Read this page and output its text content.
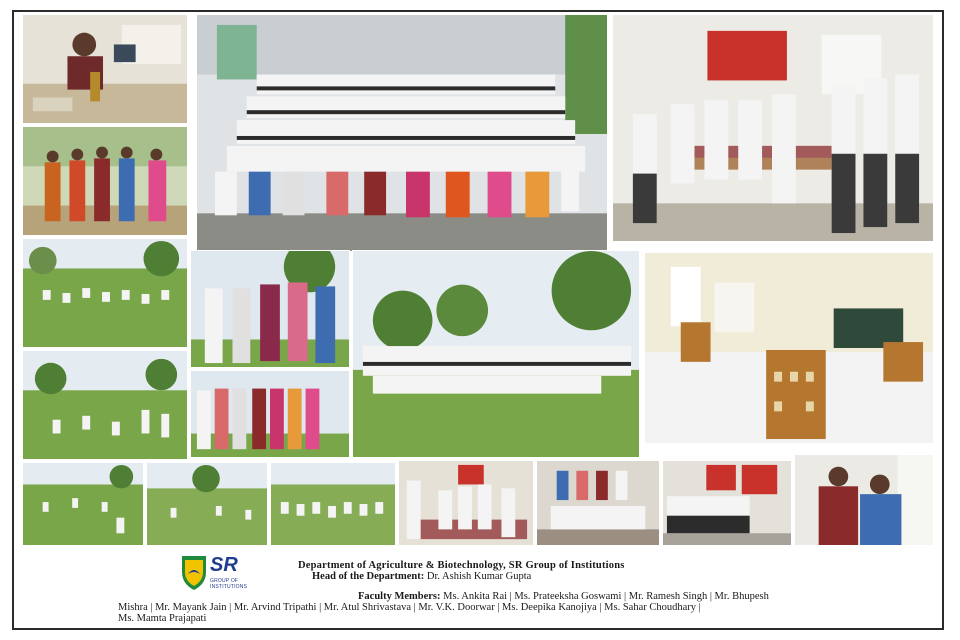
SR
GROUP OF INSTITUTIONS
Department of Agriculture & Biotechnology, SR Group of Institutions
Head of the Department: Dr. Ashish Kumar Gupta
Faculty Members: Ms. Ankita Rai | Ms. Prateeksha Goswami | Mr. Ramesh Singh | Mr. Bhupesh
Mishra | Mr. Mayank Jain | Mr. Arvind Tripathi | Mr. Atul Shrivastava | Mr. V.K. Doorwar | Ms. Deepika Kanojiya | Ms. Sahar Choudhary |
Ms. Mamta Prajapati
